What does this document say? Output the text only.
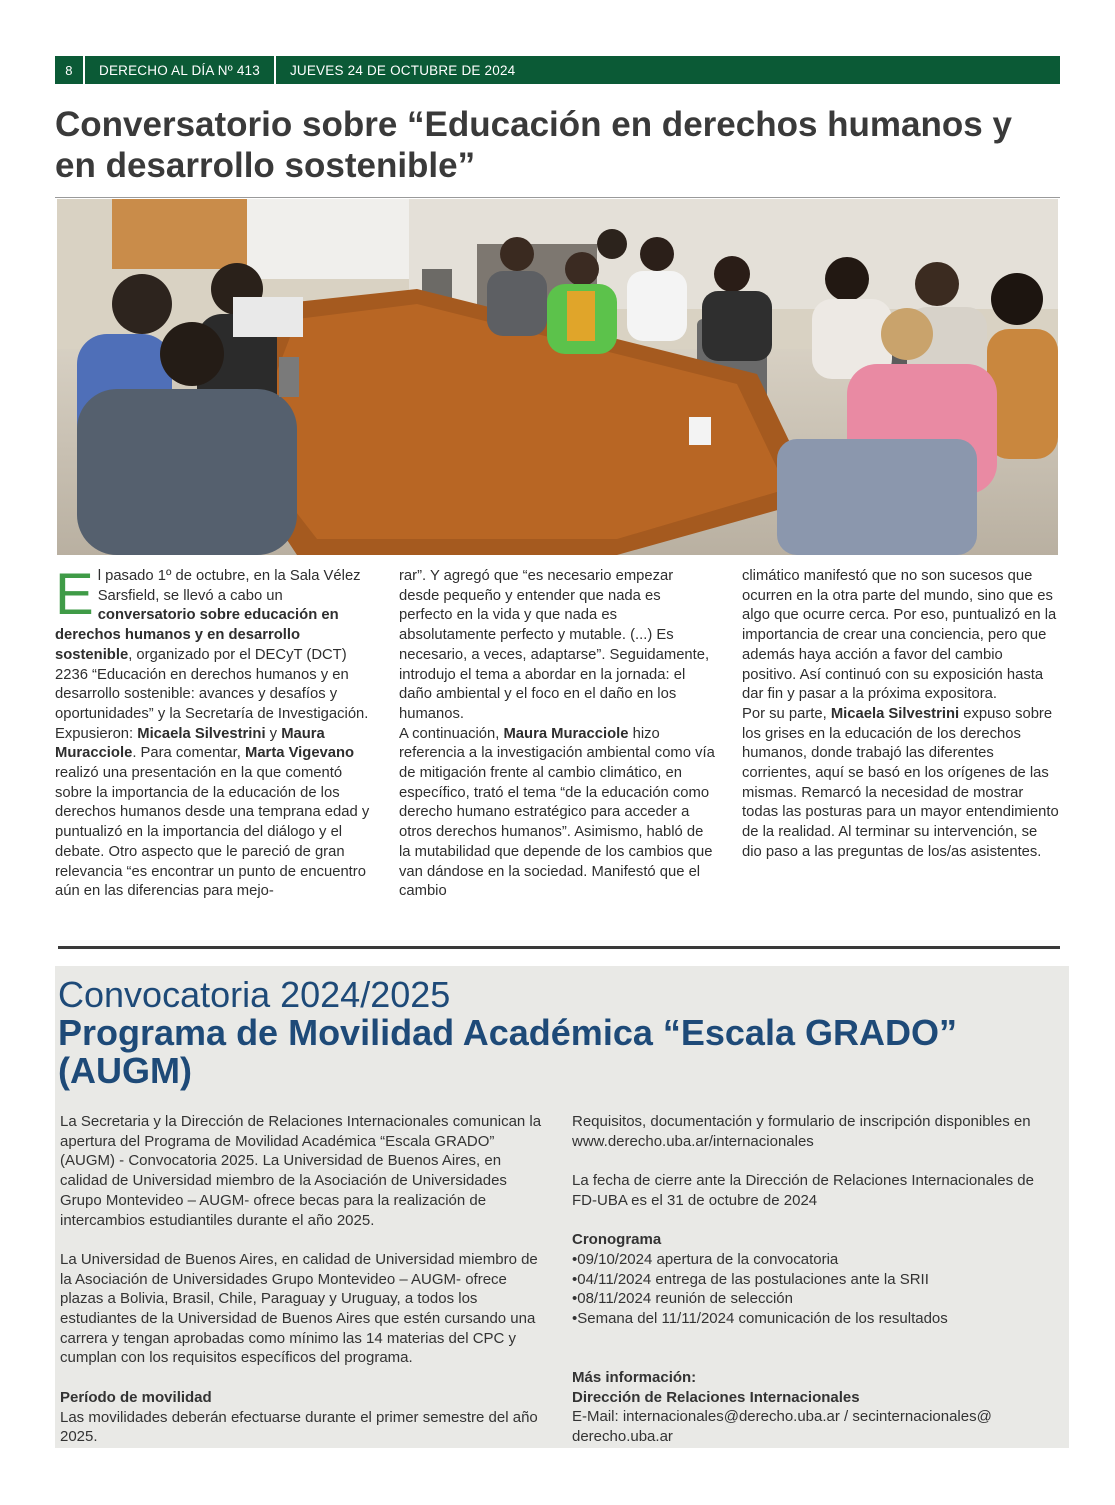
8	DERECHO AL DÍA Nº 413	JUEVES 24 DE OCTUBRE DE 2024
Conversatorio sobre “Educación en derechos humanos y en desarrollo sostenible”

El pasado 1º de octubre, en la Sala Vélez Sarsfield, se llevó a cabo un conversatorio sobre educación en derechos humanos y en desarrollo sostenible, organizado por el DECyT (DCT) 2236 “Educación en derechos humanos y en desarrollo sostenible: avances y desafíos y oportunidades” y la Secretaría de Investigación. Expusieron: Micaela Silvestrini y Maura Muracciole. Para comentar, Marta Vigevano realizó una presentación en la que comentó sobre la importancia de la educación de los derechos humanos desde una temprana edad y puntualizó en la importancia del diálogo y el debate. Otro aspecto que le pareció de gran relevancia “es encontrar un punto de encuentro aún en las diferencias para mejo-

rar”. Y agregó que “es necesario empezar desde pequeño y entender que nada es perfecto en la vida y que nada es absolutamente perfecto y mutable. (...) Es necesario, a veces, adaptarse”. Seguidamente, introdujo el tema a abordar en la jornada: el daño ambiental y el foco en el daño en los humanos.

A continuación, Maura Muracciole hizo referencia a la investigación ambiental como vía de mitigación frente al cambio climático, en específico, trató el tema “de la educación como derecho humano estratégico para acceder a otros derechos humanos”. Asimismo, habló de la mutabilidad que depende de los cambios que van dándose en la sociedad. Manifestó que el cambio

climático manifestó que no son sucesos que ocurren en la otra parte del mundo, sino que es algo que ocurre cerca. Por eso, puntualizó en la importancia de crear una conciencia, pero que además haya acción a favor del cambio positivo. Así continuó con su exposición hasta dar fin y pasar a la próxima expositora.

Por su parte, Micaela Silvestrini expuso sobre los grises en la educación de los derechos humanos, donde trabajó las diferentes corrientes, aquí se basó en los orígenes de las mismas. Remarcó la necesidad de mostrar todas las posturas para un mayor entendimiento de la realidad. Al terminar su intervención, se dio paso a las preguntas de los/as asistentes.

Convocatoria 2024/2025
Programa de Movilidad Académica “Escala GRADO” (AUGM)

La Secretaria y la Dirección de Relaciones Internacionales comunican la apertura del Programa de Movilidad Académica “Escala GRADO” (AUGM) - Convocatoria 2025. La Universidad de Buenos Aires, en calidad de Universidad miembro de la Asociación de Universidades Grupo Montevideo – AUGM- ofrece becas para la realización de intercambios estudiantiles durante el año 2025.

La Universidad de Buenos Aires, en calidad de Universidad miembro de la Asociación de Universidades Grupo Montevideo – AUGM- ofrece plazas a Bolivia, Brasil, Chile, Paraguay y Uruguay, a todos los estudiantes de la Universidad de Buenos Aires que estén cursando una carrera y tengan aprobadas como mínimo las 14 materias del CPC y cumplan con los requisitos específicos del programa.

Período de movilidad

Las movilidades deberán efectuarse durante el primer semestre del año 2025.

Requisitos, documentación y formulario de inscripción disponibles en www.derecho.uba.ar/internacionales

La fecha de cierre ante la Dirección de Relaciones Internacionales de FD-UBA es el 31 de octubre de 2024

Cronograma

•09/10/2024 apertura de la convocatoria

•04/11/2024 entrega de las postulaciones ante la SRII

•08/11/2024 reunión de selección

•Semana del 11/11/2024 comunicación de los resultados

Más información:

Dirección de Relaciones Internacionales

E-Mail: internacionales@derecho.uba.ar / secinternacionales@ derecho.uba.ar
